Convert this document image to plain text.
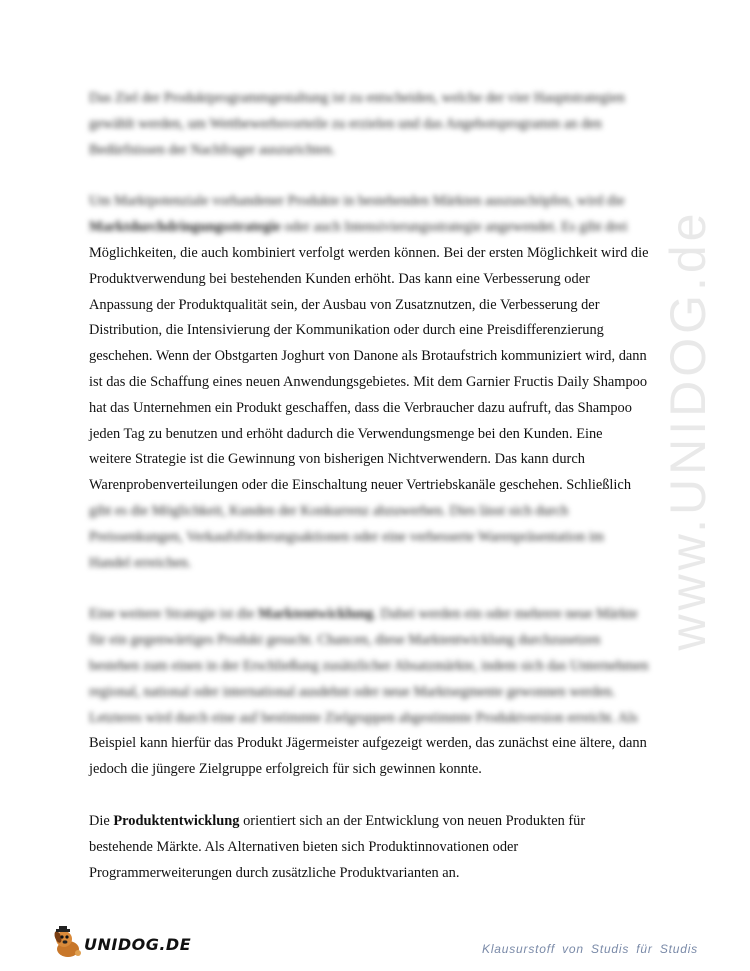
www.UNIDOG.de
Das Ziel der Produktprogrammgestaltung ist zu entscheiden, welche der vier Hauptstrategien
gewählt werden, um Wettbewerbsvorteile zu erzielen und das Angebotsprogramm an den
Bedürfnissen der Nachfrager auszurichten.
Um Marktpotenziale vorhandener Produkte in bestehenden Märkten auszuschöpfen, wird die
Marktdurchdringungsstrategie oder auch Intensivierungsstrategie angewendet. Es gibt drei
Möglichkeiten, die auch kombiniert verfolgt werden können. Bei der ersten Möglichkeit wird die
Produktverwendung bei bestehenden Kunden erhöht. Das kann eine Verbesserung oder
Anpassung der Produktqualität sein, der Ausbau von Zusatznutzen, die Verbesserung der
Distribution, die Intensivierung der Kommunikation oder durch eine Preisdifferenzierung
geschehen. Wenn der Obstgarten Joghurt von Danone als Brotaufstrich kommuniziert wird, dann
ist das die Schaffung eines neuen Anwendungsgebietes. Mit dem Garnier Fructis Daily Shampoo
hat das Unternehmen ein Produkt geschaffen, dass die Verbraucher dazu aufruft, das Shampoo
jeden Tag zu benutzen und erhöht dadurch die Verwendungsmenge bei den Kunden. Eine
weitere Strategie ist die Gewinnung von bisherigen Nichtverwendern. Das kann durch
Warenprobenverteilungen oder die Einschaltung neuer Vertriebskanäle geschehen. Schließlich
gibt es die Möglichkeit, Kunden der Konkurrenz abzuwerben. Dies lässt sich durch
Preissenkungen, Verkaufsförderungsaktionen oder eine verbesserte Warenpräsentation im
Handel erreichen.
Eine weitere Strategie ist die Marktentwicklung. Dabei werden ein oder mehrere neue Märkte
für ein gegenwärtiges Produkt gesucht. Chancen, diese Marktentwicklung durchzusetzen
bestehen zum einen in der Erschließung zusätzlicher Absatzmärkte, indem sich das Unternehmen
regional, national oder international ausdehnt oder neue Marktsegmente gewonnen werden.
Letzteres wird durch eine auf bestimmte Zielgruppen abgestimmte Produktversion erreicht. Als
Beispiel kann hierfür das Produkt Jägermeister aufgezeigt werden, das zunächst eine ältere, dann
jedoch die jüngere Zielgruppe erfolgreich für sich gewinnen konnte.
Die Produktentwicklung orientiert sich an der Entwicklung von neuen Produkten für
bestehende Märkte. Als Alternativen bieten sich Produktinnovationen oder
Programmerweiterungen durch zusätzliche Produktvarianten an.
UNIDOG.DE	Klausurstoff von Studis für Studis
